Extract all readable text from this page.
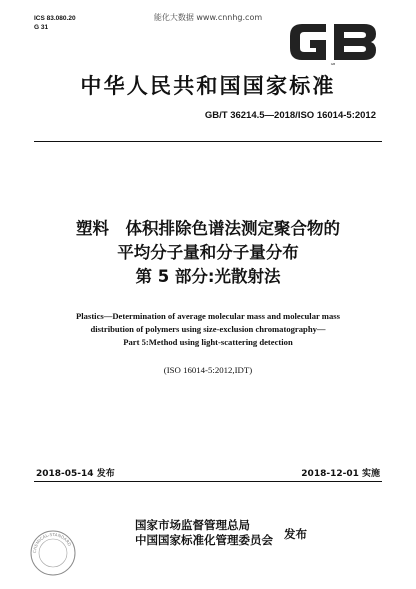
ICS 83.080.20
G 31
能化大数据 www.cnnhg.com
GB
中华人民共和国国家标准
GB/T 36214.5—2018/ISO 16014-5:2012
塑料　体积排除色谱法测定聚合物的
平均分子量和分子量分布
第 5 部分:光散射法
Plastics—Determination of average molecular mass and molecular mass
distribution of polymers using size-exclusion chromatography—
Part 5:Method using light-scattering detection
(ISO 16014-5:2012,IDT)
2018-05-14 发布	2018-12-01 实施
国家市场监督管理总局
中国国家标准化管理委员会 发布
CHEMICAL-STANDARD
